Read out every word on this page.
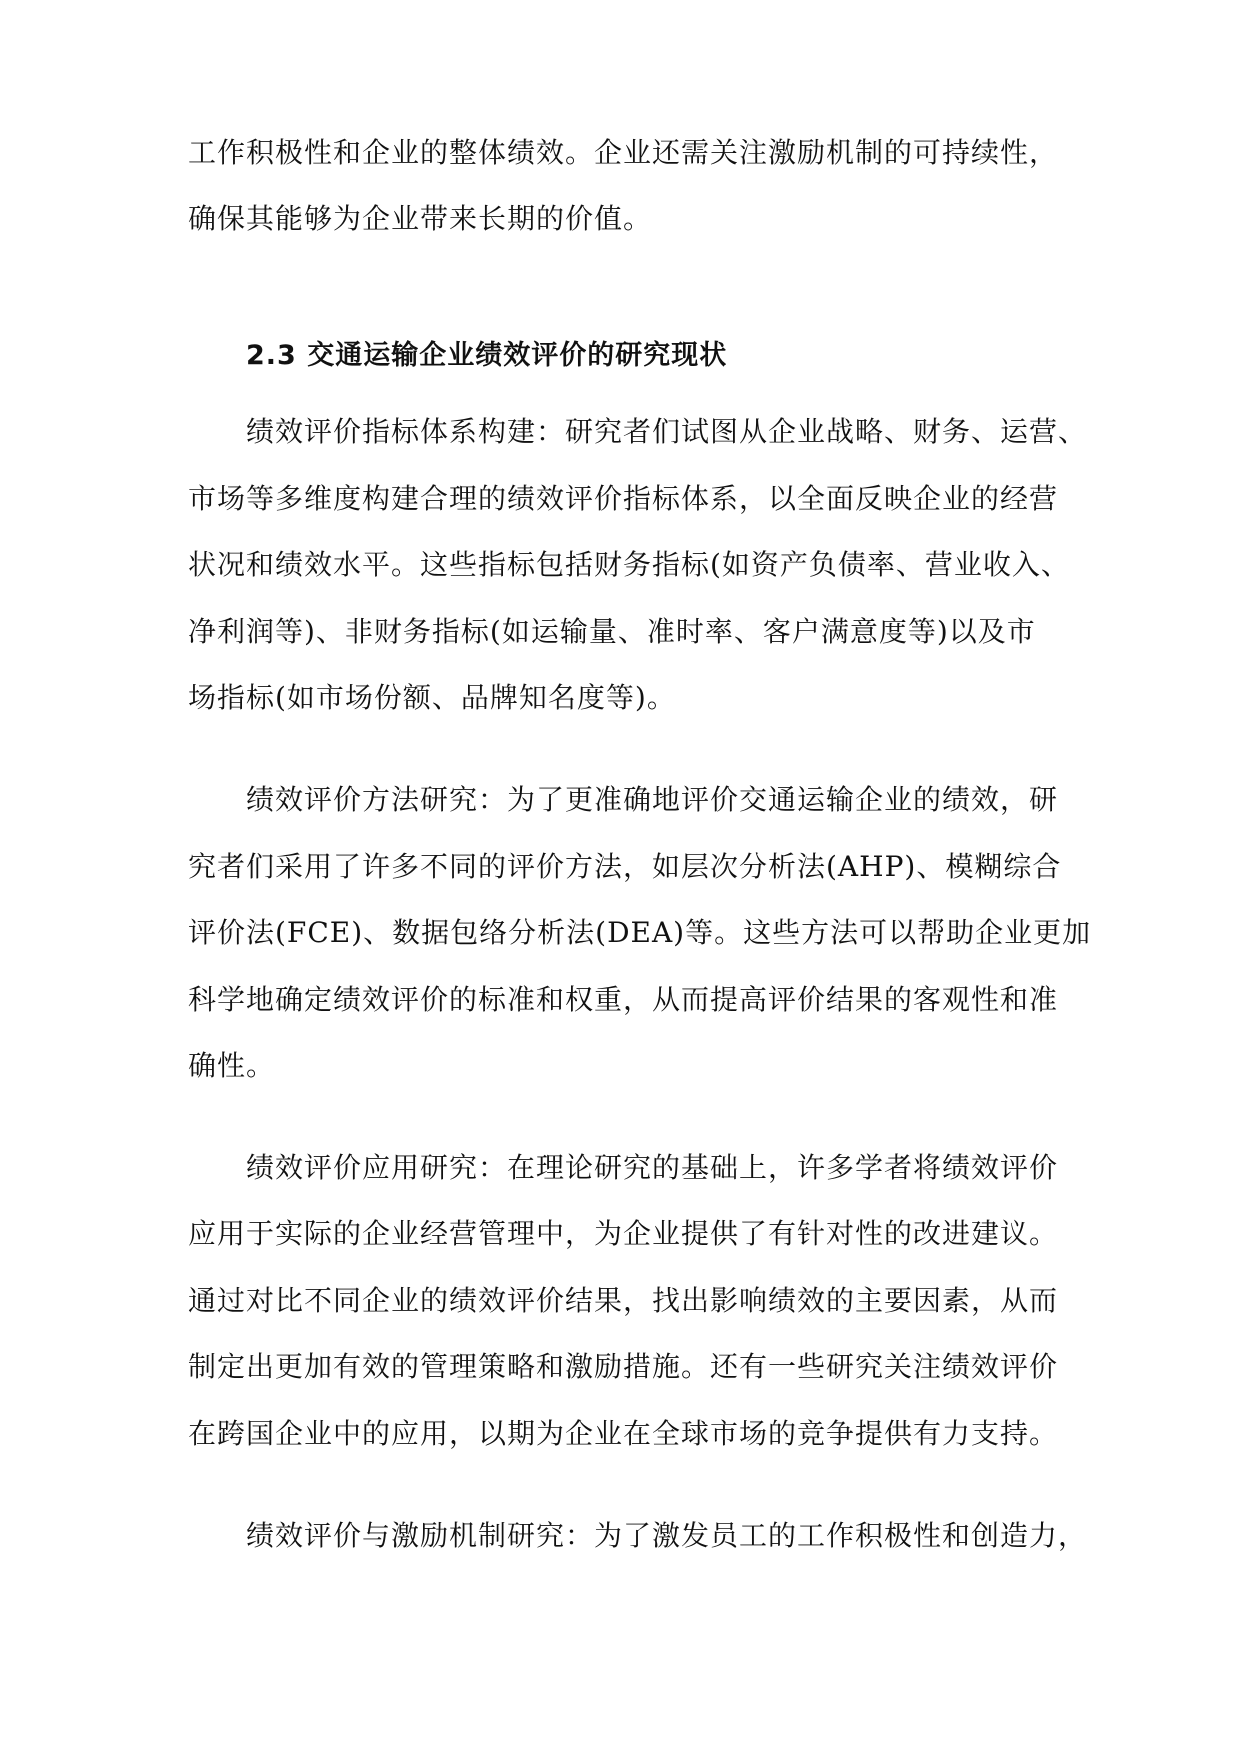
工作积极性和企业的整体绩效。企业还需关注激励机制的可持续性，
确保其能够为企业带来长期的价值。
2.3 交通运输企业绩效评价的研究现状
绩效评价指标体系构建：研究者们试图从企业战略、财务、运营、
市场等多维度构建合理的绩效评价指标体系，以全面反映企业的经营
状况和绩效水平。这些指标包括财务指标(如资产负债率、营业收入、
净利润等)、非财务指标(如运输量、准时率、客户满意度等)以及市
场指标(如市场份额、品牌知名度等)。
绩效评价方法研究：为了更准确地评价交通运输企业的绩效，研
究者们采用了许多不同的评价方法，如层次分析法(AHP)、模糊综合
评价法(FCE)、数据包络分析法(DEA)等。这些方法可以帮助企业更加
科学地确定绩效评价的标准和权重，从而提高评价结果的客观性和准
确性。
绩效评价应用研究：在理论研究的基础上，许多学者将绩效评价
应用于实际的企业经营管理中，为企业提供了有针对性的改进建议。
通过对比不同企业的绩效评价结果，找出影响绩效的主要因素，从而
制定出更加有效的管理策略和激励措施。还有一些研究关注绩效评价
在跨国企业中的应用，以期为企业在全球市场的竞争提供有力支持。
绩效评价与激励机制研究：为了激发员工的工作积极性和创造力，
